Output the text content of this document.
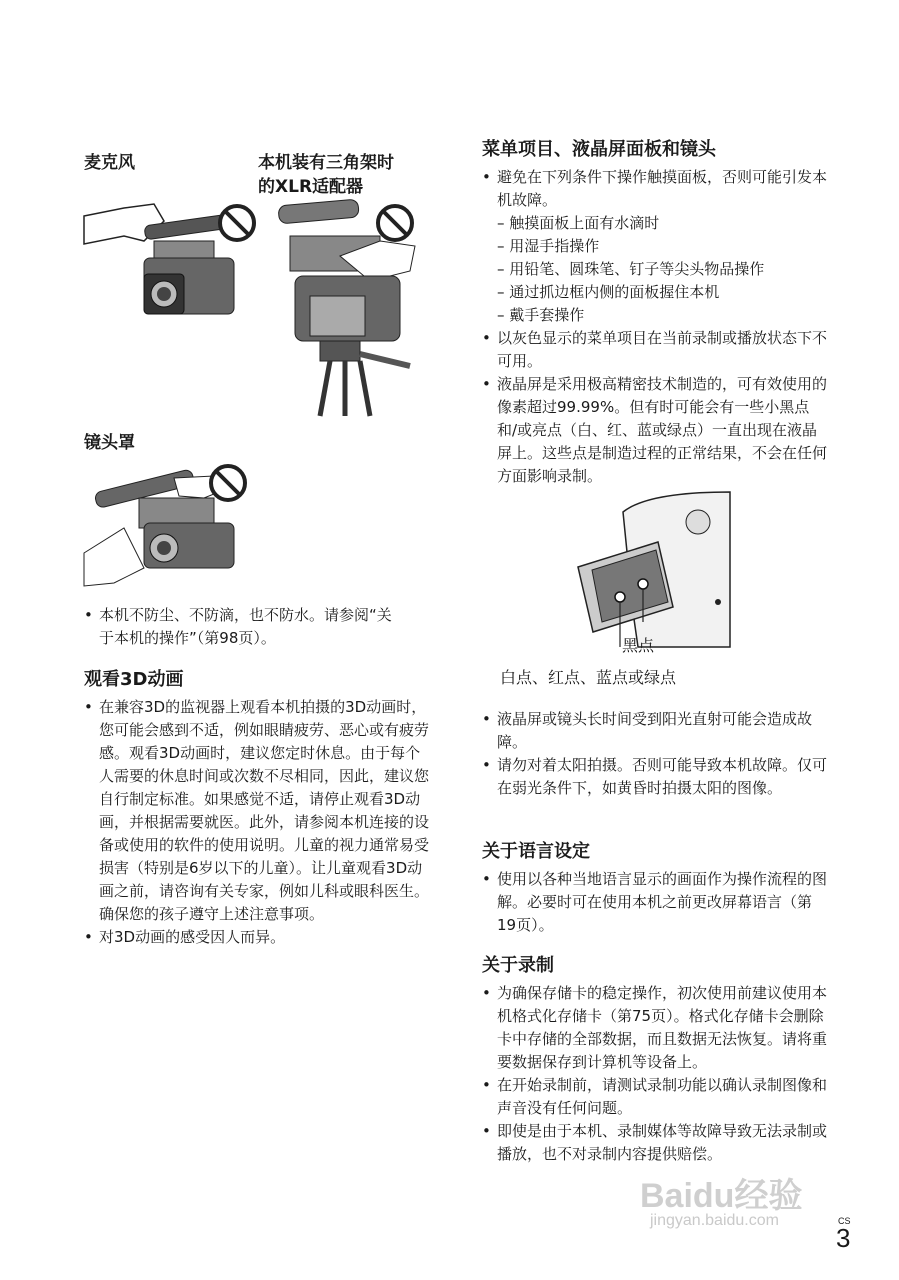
麦克风	本机装有三角架时
的XLR适配器
镜头罩
• 本机不防尘、不防滴，也不防水。请参阅“关于本机的操作”（第98页）。
观看3D动画
• 在兼容3D的监视器上观看本机拍摄的3D动画时，您可能会感到不适，例如眼睛疲劳、恶心或有疲劳感。观看3D动画时，建议您定时休息。由于每个人需要的休息时间或次数不尽相同，因此，建议您自行制定标准。如果感觉不适，请停止观看3D动画，并根据需要就医。此外，请参阅本机连接的设备或使用的软件的使用说明。儿童的视力通常易受损害（特别是6岁以下的儿童）。让儿童观看3D动画之前，请咨询有关专家，例如儿科或眼科医生。确保您的孩子遵守上述注意事项。
• 对3D动画的感受因人而异。
菜单项目、液晶屏面板和镜头
• 避免在下列条件下操作触摸面板，否则可能引发本机故障。
– 触摸面板上面有水滴时
– 用湿手指操作
– 用铅笔、圆珠笔、钉子等尖头物品操作
– 通过抓边框内侧的面板握住本机
– 戴手套操作
• 以灰色显示的菜单项目在当前录制或播放状态下不可用。
• 液晶屏是采用极高精密技术制造的，可有效使用的像素超过99.99%。但有时可能会有一些小黑点和/或亮点（白、红、蓝或绿点）一直出现在液晶屏上。这些点是制造过程的正常结果，不会在任何方面影响录制。
黑点
白点、红点、蓝点或绿点
• 液晶屏或镜头长时间受到阳光直射可能会造成故障。
• 请勿对着太阳拍摄。否则可能导致本机故障。仅可在弱光条件下，如黄昏时拍摄太阳的图像。
关于语言设定
• 使用以各种当地语言显示的画面作为操作流程的图解。必要时可在使用本机之前更改屏幕语言（第19页）。
关于录制
• 为确保存储卡的稳定操作，初次使用前建议使用本机格式化存储卡（第75页）。格式化存储卡会删除卡中存储的全部数据，而且数据无法恢复。请将重要数据保存到计算机等设备上。
• 在开始录制前，请测试录制功能以确认录制图像和声音没有任何问题。
• 即使是由于本机、录制媒体等故障导致无法录制或播放，也不对录制内容提供赔偿。
Baidu经验
jingyan.baidu.com	CS
3
